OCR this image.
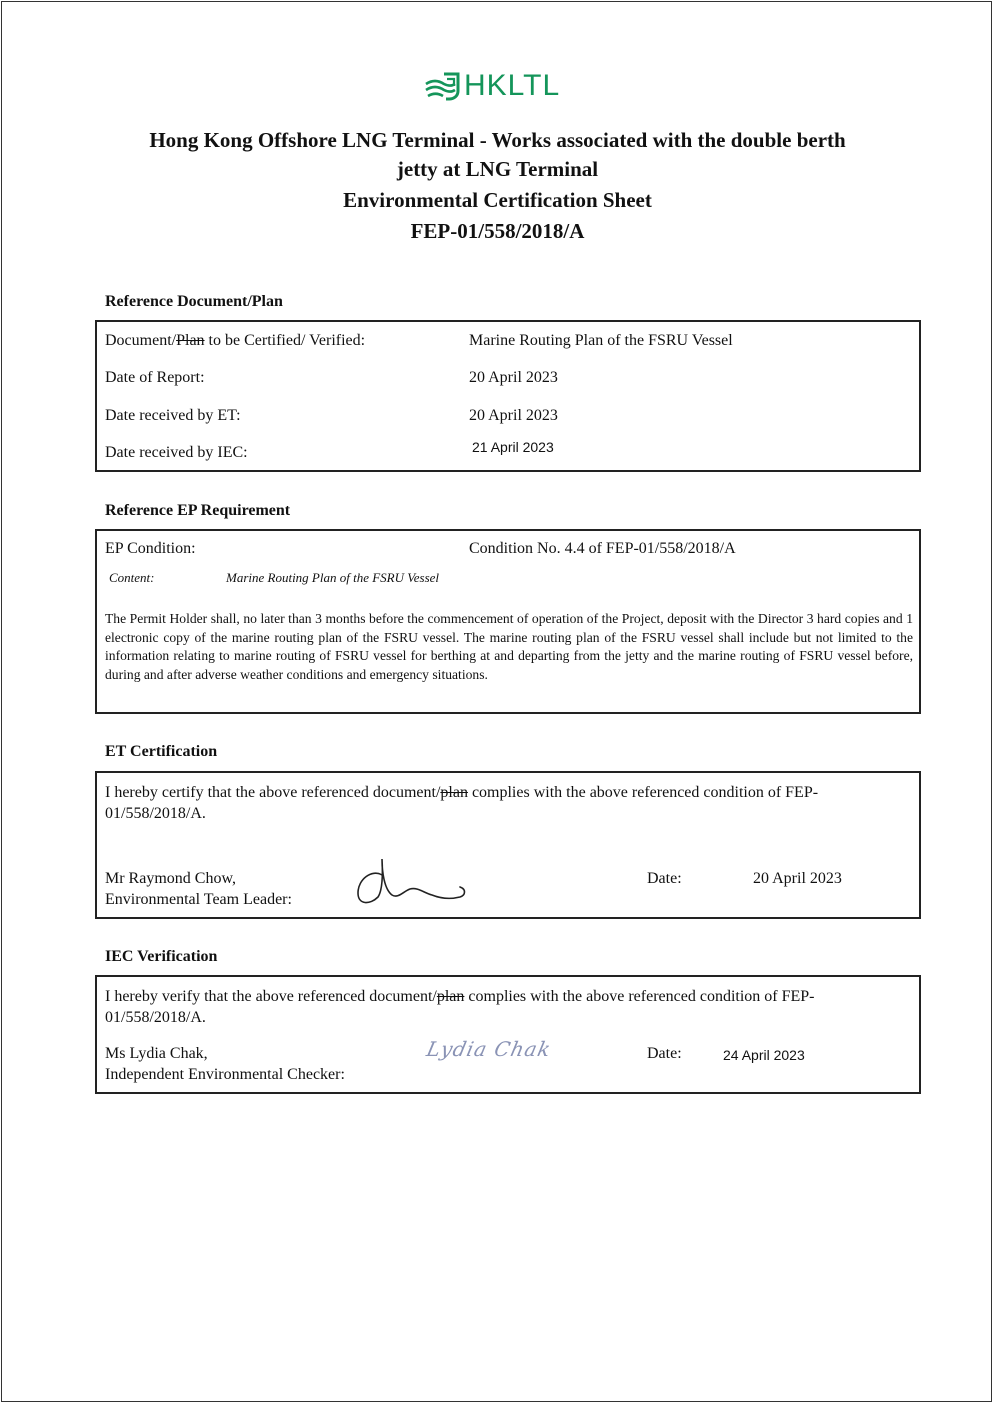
HKLTL
Hong Kong Offshore LNG Terminal - Works associated with the double berth
jetty at LNG Terminal
Environmental Certification Sheet
FEP-01/558/2018/A
Reference Document/Plan
Document/Plan to be Certified/ Verified:	Marine Routing Plan of the FSRU Vessel
Date of Report:	20 April 2023
Date received by ET:	20 April 2023
Date received by IEC:	21 April 2023
Reference EP Requirement
EP Condition:	Condition No. 4.4 of FEP-01/558/2018/A
Content:	Marine Routing Plan of the FSRU Vessel
The Permit Holder shall, no later than 3 months before the commencement of operation of the Project, deposit with the Director 3 hard copies and 1 electronic copy of the marine routing plan of the FSRU vessel. The marine routing plan of the FSRU vessel shall include but not limited to the information relating to marine routing of FSRU vessel for berthing at and departing from the jetty and the marine routing of FSRU vessel before, during and after adverse weather conditions and emergency situations.
ET Certification
I hereby certify that the above referenced document/plan complies with the above referenced condition of FEP-01/558/2018/A.
Mr Raymond Chow,
Environmental Team Leader:
Date:	20 April 2023
IEC Verification
I hereby verify that the above referenced document/plan complies with the above referenced condition of FEP-01/558/2018/A.
Ms Lydia Chak,
Independent Environmental Checker:
Lydia Chak	Date:	24 April 2023
